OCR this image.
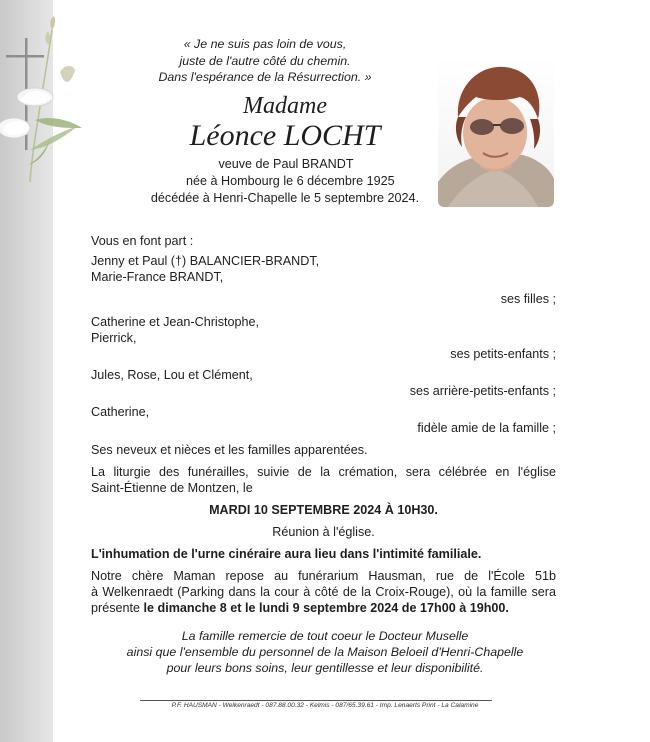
« Je ne suis pas loin de vous,
juste de l'autre côté du chemin.
Dans l'espérance de la Résurrection. »
Madame
Léonce LOCHT
veuve de Paul BRANDT
née à Hombourg le 6 décembre 1925
décédée à Henri-Chapelle le 5 septembre 2024.
Vous en font part :
Jenny et Paul (†) BALANCIER-BRANDT,
Marie-France BRANDT,
ses filles ;
Catherine et Jean-Christophe,
Pierrick,
ses petits-enfants ;
Jules, Rose, Lou et Clément,
ses arrière-petits-enfants ;
Catherine,
fidèle amie de la famille ;
Ses neveux et nièces et les familles apparentées.
La liturgie des funérailles, suivie de la crémation, sera célébrée en l'église
Saint-Étienne de Montzen, le
MARDI 10 SEPTEMBRE 2024 À 10H30.
Réunion à l'église.
L'inhumation de l'urne cinéraire aura lieu dans l'intimité familiale.
Notre chère Maman repose au funérarium Hausman, rue de l'École 51b
à Welkenraedt (Parking dans la cour à côté de la Croix-Rouge), où la famille sera
présente le dimanche 8 et le lundi 9 septembre 2024 de 17h00 à 19h00.
La famille remercie de tout coeur le Docteur Muselle
ainsi que l'ensemble du personnel de la Maison Beloeil d'Henri-Chapelle
pour leurs bons soins, leur gentillesse et leur disponibilité.
P.F. HAUSMAN - Welkenraedt - 087.88.00.32 - Kelmis - 087/65.39.61 - Imp. Lenaerts Print - La Calamine
